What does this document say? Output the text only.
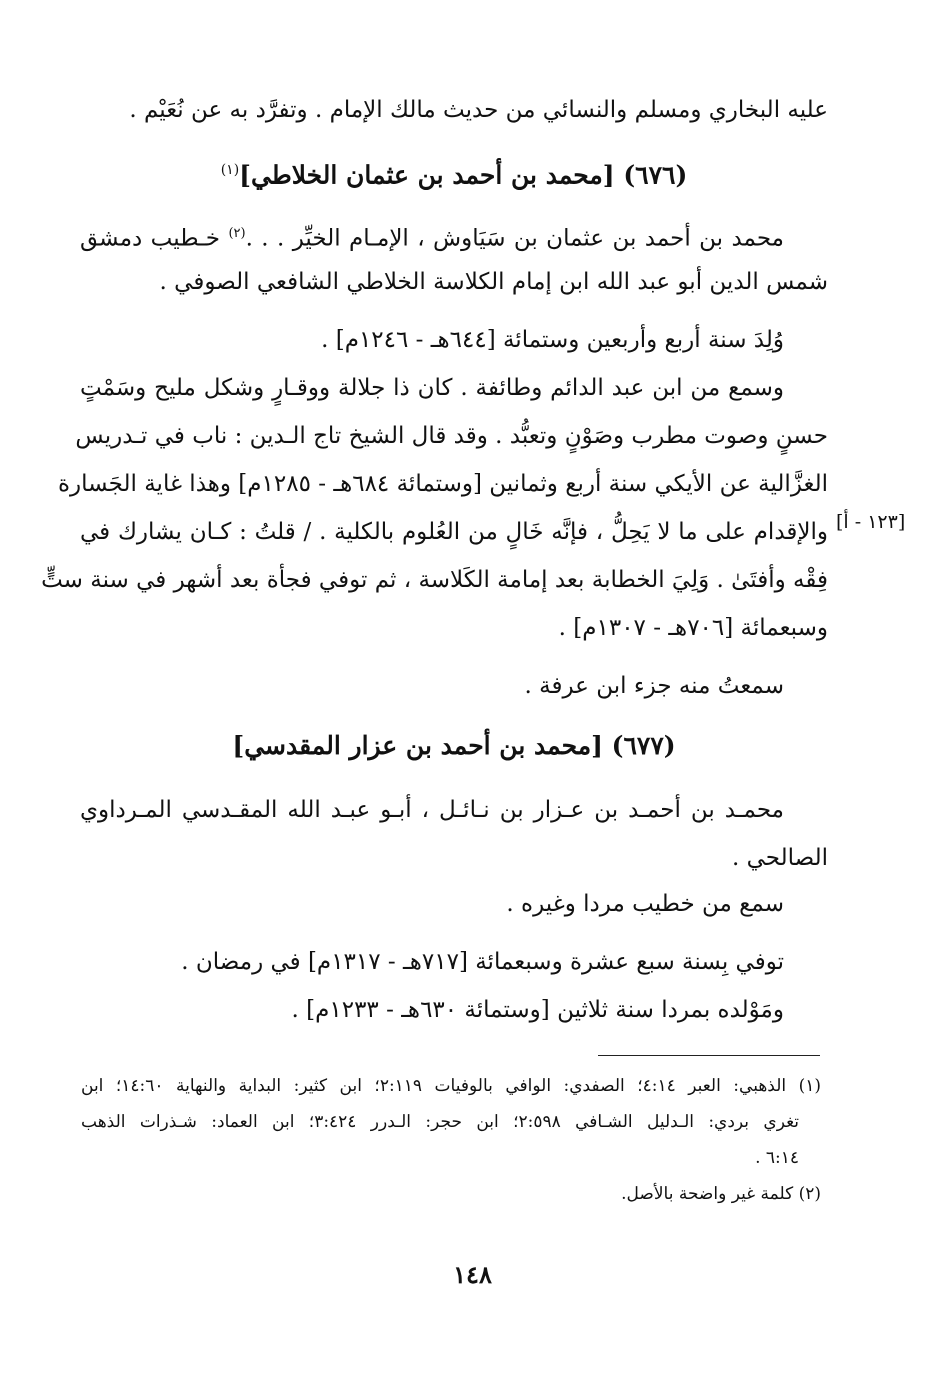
عليه البخاري ومسلم والنسائي من حديث مالك الإمام . وتفرَّد به عن نُعَيْم .
(٦٧٦) [محمد بن أحمد بن عثمان الخلاطي]$^{(١)}$
محمد بن أحمد بن عثمان بن سَيَاوش ، الإمـام الخيِّر . . .$^{(٢)}$ خـطيب دمشق
شمس الدين أبو عبد الله ابن إمام الكلاسة الخلاطي الشافعي الصوفي .
وُلِدَ سنة أربع وأربعين وستمائة [٦٤٤هـ - ١٢٤٦م] .
وسمع من ابن عبد الدائم وطائفة . كان ذا جلالة ووقـارٍ وشكل مليح وسَمْتٍ
حسنٍ وصوت مطرب وصَوْنٍ وتعبُّد . وقد قال الشيخ تاج الـدين : ناب في تـدريس
الغزَّالية عن الأيكي سنة أربع وثمانين [وستمائة ٦٨٤هـ - ١٢٨٥م] وهذا غاية الجَسارة
والإقدام على ما لا يَحِلُّ ، فإنَّه خَالٍ من العُلوم بالكلية . / قلتُ : كـان يشارك في
فِقْه وأفتَىٰ . وَلِيَ الخطابة بعد إمامة الكَلاسة ، ثم توفي فجأة بعد أشهر في سنة ستٍّ
وسبعمائة [٧٠٦هـ - ١٣٠٧م] .
سمعتُ منه جزء ابن عرفة .
[١٢٣ - أ]
(٦٧٧) [محمد بن أحمد بن عزار المقدسي]
محمـد بن أحمـد بن عـزار بن نـائـل ، أبـو عبـد الله المقـدسي المـرداوي
الصالحي .
سمع من خطيب مردا وغيره .
توفي بِسنة سبع عشرة وسبعمائة [٧١٧هـ - ١٣١٧م] في رمضان .
ومَوْلده بمردا سنة ثلاثين [وستمائة ٦٣٠هـ - ١٢٣٣م] .
(١) الذهبي: العبر ٤:١٤؛ الصفدي: الوافي بالوفيات ٢:١١٩؛ ابن كثير: البداية والنهاية ١٤:٦٠؛ ابن
تغري بردي: الـدليل الشـافي ٢:٥٩٨؛ ابن حجر: الـدرر ٣:٤٢٤؛ ابن العماد: شـذرات الذهب
٦:١٤ .
(٢) كلمة غير واضحة بالأصل.
١٤٨
